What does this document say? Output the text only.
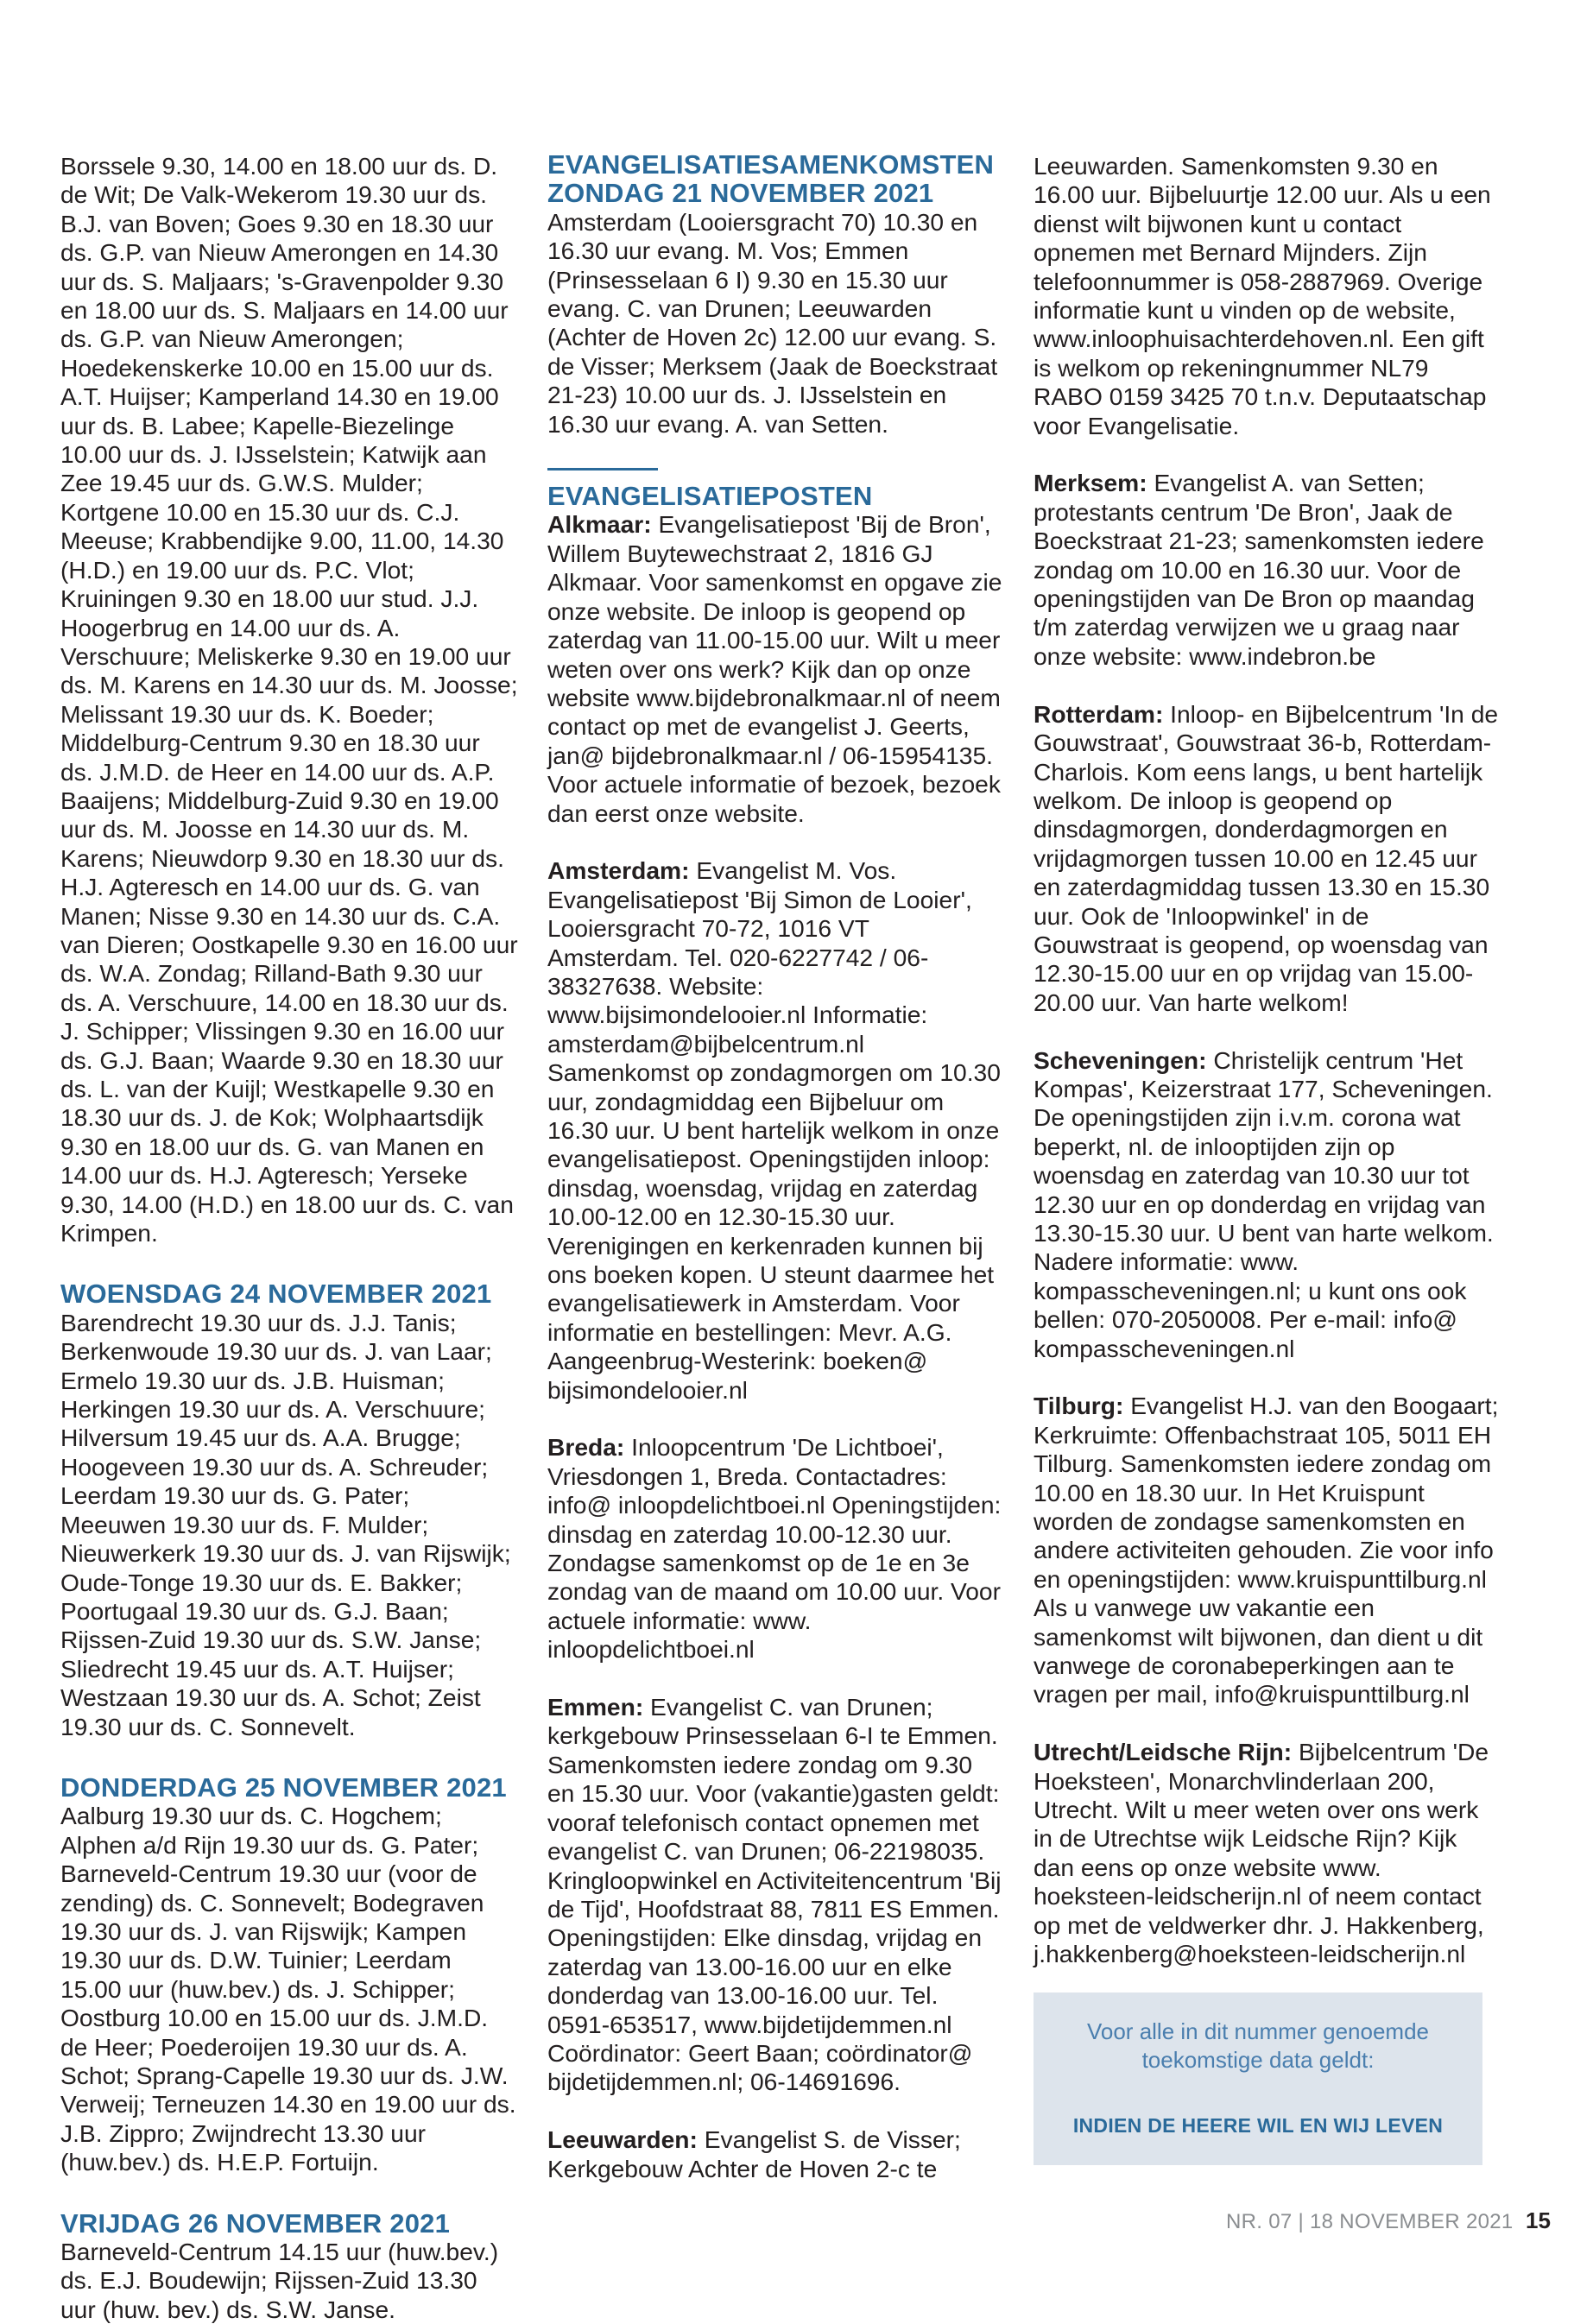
Borssele 9.30, 14.00 en 18.00 uur ds. D. de Wit; De Valk-Wekerom 19.30 uur ds. B.J. van Boven; Goes 9.30 en 18.30 uur ds. G.P. van Nieuw Amerongen en 14.30 uur ds. S. Maljaars; 's-Gravenpolder 9.30 en 18.00 uur ds. S. Maljaars en 14.00 uur ds. G.P. van Nieuw Amerongen; Hoedekenskerke 10.00 en 15.00 uur ds. A.T. Huijser; Kamperland 14.30 en 19.00 uur ds. B. Labee; Kapelle-Biezelinge 10.00 uur ds. J. IJsselstein; Katwijk aan Zee 19.45 uur ds. G.W.S. Mulder; Kortgene 10.00 en 15.30 uur ds. C.J. Meeuse; Krabbendijke 9.00, 11.00, 14.30 (H.D.) en 19.00 uur ds. P.C. Vlot; Kruiningen 9.30 en 18.00 uur stud. J.J. Hoogerbrug en 14.00 uur ds. A. Verschuure; Meliskerke 9.30 en 19.00 uur ds. M. Karens en 14.30 uur ds. M. Joosse; Melissant 19.30 uur ds. K. Boeder; Middelburg-Centrum 9.30 en 18.30 uur ds. J.M.D. de Heer en 14.00 uur ds. A.P. Baaijens; Middelburg-Zuid 9.30 en 19.00 uur ds. M. Joosse en 14.30 uur ds. M. Karens; Nieuwdorp 9.30 en 18.30 uur ds. H.J. Agteresch en 14.00 uur ds. G. van Manen; Nisse 9.30 en 14.30 uur ds. C.A. van Dieren; Oostkapelle 9.30 en 16.00 uur ds. W.A. Zondag; Rilland-Bath 9.30 uur ds. A. Verschuure, 14.00 en 18.30 uur ds. J. Schipper; Vlissingen 9.30 en 16.00 uur ds. G.J. Baan; Waarde 9.30 en 18.30 uur ds. L. van der Kuijl; Westkapelle 9.30 en 18.30 uur ds. J. de Kok; Wolphaartsdijk 9.30 en 18.00 uur ds. G. van Manen en 14.00 uur ds. H.J. Agteresch; Yerseke 9.30, 14.00 (H.D.) en 18.00 uur ds. C. van Krimpen.

WOENSDAG 24 NOVEMBER 2021

Barendrecht 19.30 uur ds. J.J. Tanis; Berkenwoude 19.30 uur ds. J. van Laar; Ermelo 19.30 uur ds. J.B. Huisman; Herkingen 19.30 uur ds. A. Verschuure; Hilversum 19.45 uur ds. A.A. Brugge; Hoogeveen 19.30 uur ds. A. Schreuder; Leerdam 19.30 uur ds. G. Pater; Meeuwen 19.30 uur ds. F. Mulder; Nieuwerkerk 19.30 uur ds. J. van Rijswijk; Oude-Tonge 19.30 uur ds. E. Bakker; Poortugaal 19.30 uur ds. G.J. Baan; Rijssen-Zuid 19.30 uur ds. S.W. Janse; Sliedrecht 19.45 uur ds. A.T. Huijser; Westzaan 19.30 uur ds. A. Schot; Zeist 19.30 uur ds. C. Sonnevelt.

DONDERDAG 25 NOVEMBER 2021

Aalburg 19.30 uur ds. C. Hogchem; Alphen a/d Rijn 19.30 uur ds. G. Pater; Barneveld-Centrum 19.30 uur (voor de zending) ds. C. Sonnevelt; Bodegraven 19.30 uur ds. J. van Rijswijk; Kampen 19.30 uur ds. D.W. Tuinier; Leerdam 15.00 uur (huw.bev.) ds. J. Schipper; Oostburg 10.00 en 15.00 uur ds. J.M.D. de Heer; Poederoijen 19.30 uur ds. A. Schot; Sprang-Capelle 19.30 uur ds. J.W. Verweij; Terneuzen 14.30 en 19.00 uur ds. J.B. Zippro; Zwijndrecht 13.30 uur (huw.bev.) ds. H.E.P. Fortuijn.

VRIJDAG 26 NOVEMBER 2021

Barneveld-Centrum 14.15 uur (huw.bev.) ds. E.J. Boudewijn; Rijssen-Zuid 13.30 uur (huw. bev.) ds. S.W. Janse.

EVANGELISATIESAMENKOMSTEN ZONDAG 21 NOVEMBER 2021

Amsterdam (Looiersgracht 70) 10.30 en 16.30 uur evang. M. Vos; Emmen (Prinsesselaan 6 I) 9.30 en 15.30 uur evang. C. van Drunen; Leeuwarden (Achter de Hoven 2c) 12.00 uur evang. S. de Visser; Merksem (Jaak de Boeckstraat 21-23) 10.00 uur ds. J. IJsselstein en 16.30 uur evang. A. van Setten.

EVANGELISATIEPOSTEN

Alkmaar: Evangelisatiepost 'Bij de Bron', Willem Buytewechstraat 2, 1816 GJ Alkmaar. Voor samenkomst en opgave zie onze website. De inloop is geopend op zaterdag van 11.00-15.00 uur. Wilt u meer weten over ons werk? Kijk dan op onze website www.bijdebronalkmaar.nl of neem contact op met de evangelist J. Geerts, jan@ bijdebronalkmaar.nl / 06-15954135. Voor actuele informatie of bezoek, bezoek dan eerst onze website.

Amsterdam: Evangelist M. Vos. Evangelisatiepost 'Bij Simon de Looier', Looiersgracht 70-72, 1016 VT Amsterdam. Tel. 020-6227742 / 06-38327638. Website: www.bijsimondelooier.nl Informatie: amsterdam@bijbelcentrum.nl Samenkomst op zondagmorgen om 10.30 uur, zondagmiddag een Bijbeluur om 16.30 uur. U bent hartelijk welkom in onze evangelisatiepost. Openingstijden inloop: dinsdag, woensdag, vrijdag en zaterdag 10.00-12.00 en 12.30-15.30 uur. Verenigingen en kerkenraden kunnen bij ons boeken kopen. U steunt daarmee het evangelisatiewerk in Amsterdam. Voor informatie en bestellingen: Mevr. A.G. Aangeenbrug-Westerink: boeken@ bijsimondelooier.nl

Breda: Inloopcentrum 'De Lichtboei', Vriesdongen 1, Breda. Contactadres: info@ inloopdelichtboei.nl Openingstijden: dinsdag en zaterdag 10.00-12.30 uur. Zondagse samenkomst op de 1e en 3e zondag van de maand om 10.00 uur. Voor actuele informatie: www. inloopdelichtboei.nl

Emmen: Evangelist C. van Drunen; kerkgebouw Prinsesselaan 6-I te Emmen. Samenkomsten iedere zondag om 9.30 en 15.30 uur. Voor (vakantie)gasten geldt: vooraf telefonisch contact opnemen met evangelist C. van Drunen; 06-22198035. Kringloopwinkel en Activiteitencentrum 'Bij de Tijd', Hoofdstraat 88, 7811 ES Emmen. Openingstijden: Elke dinsdag, vrijdag en zaterdag van 13.00-16.00 uur en elke donderdag van 13.00-16.00 uur. Tel. 0591-653517, www.bijdetijdemmen.nl Coördinator: Geert Baan; coördinator@ bijdetijdemmen.nl; 06-14691696.

Leeuwarden: Evangelist S. de Visser; Kerkgebouw Achter de Hoven 2-c te

Leeuwarden. Samenkomsten 9.30 en 16.00 uur. Bijbeluurtje 12.00 uur. Als u een dienst wilt bijwonen kunt u contact opnemen met Bernard Mijnders. Zijn telefoonnummer is 058-2887969. Overige informatie kunt u vinden op de website, www.inloophuisachterdehoven.nl. Een gift is welkom op rekeningnummer NL79 RABO 0159 3425 70 t.n.v. Deputaatschap voor Evangelisatie.

Merksem: Evangelist A. van Setten; protestants centrum 'De Bron', Jaak de Boeckstraat 21-23; samenkomsten iedere zondag om 10.00 en 16.30 uur. Voor de openingstijden van De Bron op maandag t/m zaterdag verwijzen we u graag naar onze website: www.indebron.be

Rotterdam: Inloop- en Bijbelcentrum 'In de Gouwstraat', Gouwstraat 36-b, Rotterdam-Charlois. Kom eens langs, u bent hartelijk welkom. De inloop is geopend op dinsdagmorgen, donderdagmorgen en vrijdagmorgen tussen 10.00 en 12.45 uur en zaterdagmiddag tussen 13.30 en 15.30 uur. Ook de 'Inloopwinkel' in de Gouwstraat is geopend, op woensdag van 12.30-15.00 uur en op vrijdag van 15.00-20.00 uur. Van harte welkom!

Scheveningen: Christelijk centrum 'Het Kompas', Keizerstraat 177, Scheveningen. De openingstijden zijn i.v.m. corona wat beperkt, nl. de inlooptijden zijn op woensdag en zaterdag van 10.30 uur tot 12.30 uur en op donderdag en vrijdag van 13.30-15.30 uur. U bent van harte welkom. Nadere informatie: www. kompasscheveningen.nl; u kunt ons ook bellen: 070-2050008. Per e-mail: info@ kompasscheveningen.nl

Tilburg: Evangelist H.J. van den Boogaart; Kerkruimte: Offenbachstraat 105, 5011 EH Tilburg. Samenkomsten iedere zondag om 10.00 en 18.30 uur. In Het Kruispunt worden de zondagse samenkomsten en andere activiteiten gehouden. Zie voor info en openingstijden: www.kruispunttilburg.nl Als u vanwege uw vakantie een samenkomst wilt bijwonen, dan dient u dit vanwege de coronabeperkingen aan te vragen per mail, info@kruispunttilburg.nl

Utrecht/Leidsche Rijn: Bijbelcentrum 'De Hoeksteen', Monarchvlinderlaan 200, Utrecht. Wilt u meer weten over ons werk in de Utrechtse wijk Leidsche Rijn? Kijk dan eens op onze website www. hoeksteen-leidscherijn.nl of neem contact op met de veldwerker dhr. J. Hakkenberg, j.hakkenberg@hoeksteen-leidscherijn.nl

Voor alle in dit nummer genoemde toekomstige data geldt:
INDIEN DE HEERE WIL EN WIJ LEVEN
NR. 07 | 18 NOVEMBER 2021 15
